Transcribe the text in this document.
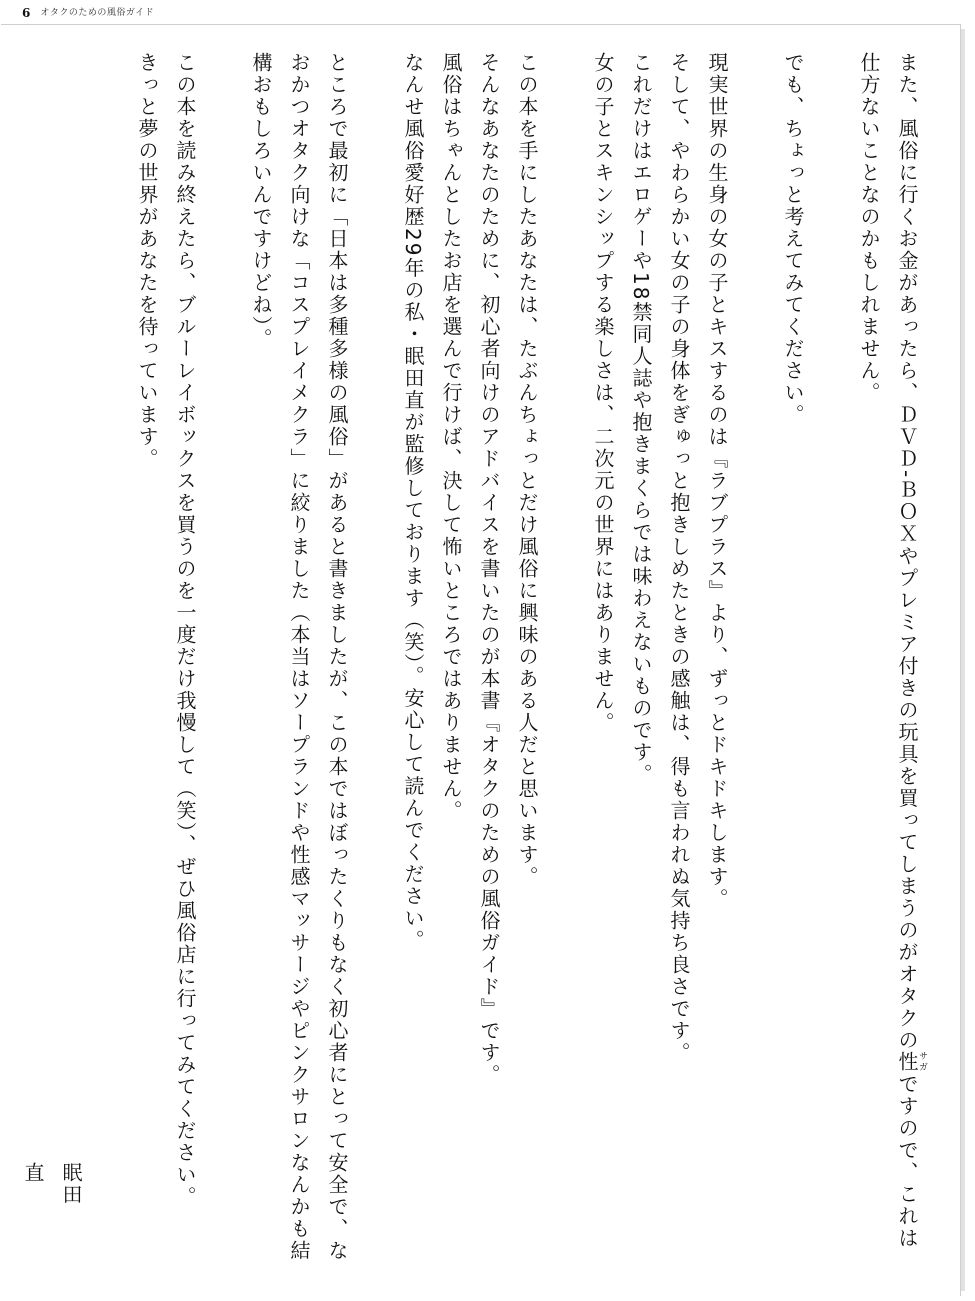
6 オタクのための風俗ガイド

また、風俗に行くお金があったら、ＤＶＤ-ＢＯＸやプレミア付きの玩具を買ってしまうのがオタクの性サガですので、これは仕方ないことなのかもしれません。

でも、ちょっと考えてみてください。

現実世界の生身の女の子とキスするのは『ラブプラス』より、ずっとドキドキします。

そして、やわらかい女の子の身体をぎゅっと抱きしめたときの感触は、得も言われぬ気持ち良さです。

これだけはエロゲーや18禁同人誌や抱きまくらでは味わえないものです。

女の子とスキンシップする楽しさは、二次元の世界にはありません。

この本を手にしたあなたは、たぶんちょっとだけ風俗に興味のある人だと思います。

そんなあなたのために、初心者向けのアドバイスを書いたのが本書『オタクのための風俗ガイド』です。

風俗はちゃんとしたお店を選んで行けば、決して怖いところではありません。

なんせ風俗愛好歴29年の私・眠田直が監修しております（笑）。安心して読んでください。

ところで最初に「日本は多種多様の風俗」があると書きましたが、この本ではぼったくりもなく初心者にとって安全で、なおかつオタク向けな「コスプレイメクラ」に絞りました（本当はソープランドや性感マッサージやピンクサロンなんかも結構おもしろいんですけどね）。

この本を読み終えたら、ブルーレイボックスを買うのを一度だけ我慢して（笑）、ぜひ風俗店に行ってみてください。

きっと夢の世界があなたを待っています。

眠田直
